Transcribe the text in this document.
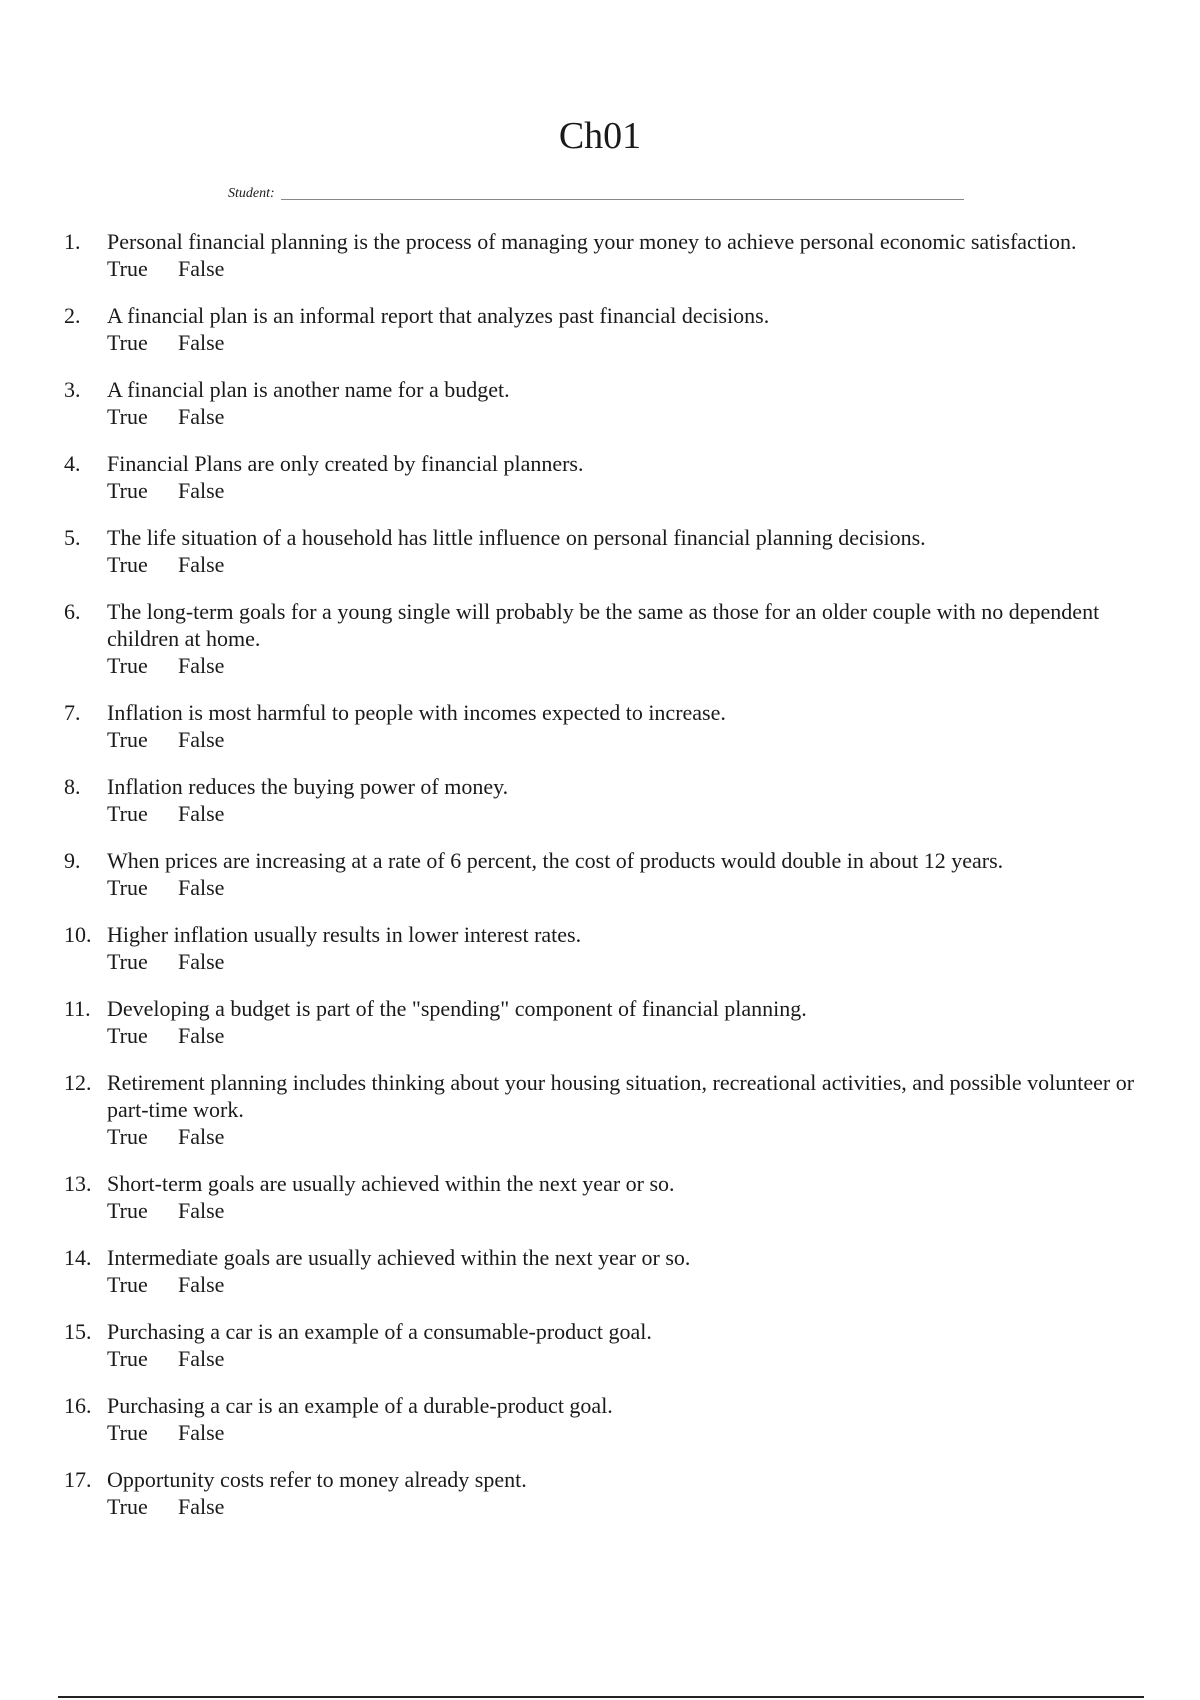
Ch01
Student:
1.	Personal financial planning is the process of managing your money to achieve personal economic satisfaction.
True	False
2.	A financial plan is an informal report that analyzes past financial decisions.
True	False
3.	A financial plan is another name for a budget.
True	False
4.	Financial Plans are only created by financial planners.
True	False
5.	The life situation of a household has little influence on personal financial planning decisions.
True	False
6.	The long-term goals for a young single will probably be the same as those for an older couple with no dependent children at home.
True	False
7.	Inflation is most harmful to people with incomes expected to increase.
True	False
8.	Inflation reduces the buying power of money.
True	False
9.	When prices are increasing at a rate of 6 percent, the cost of products would double in about 12 years.
True	False
10. Higher inflation usually results in lower interest rates.
True	False
11. Developing a budget is part of the "spending" component of financial planning.
True	False
12. Retirement planning includes thinking about your housing situation, recreational activities, and possible volunteer or part-time work.
True	False
13. Short-term goals are usually achieved within the next year or so.
True	False
14. Intermediate goals are usually achieved within the next year or so.
True	False
15. Purchasing a car is an example of a consumable-product goal.
True	False
16. Purchasing a car is an example of a durable-product goal.
True	False
17. Opportunity costs refer to money already spent.
True	False
